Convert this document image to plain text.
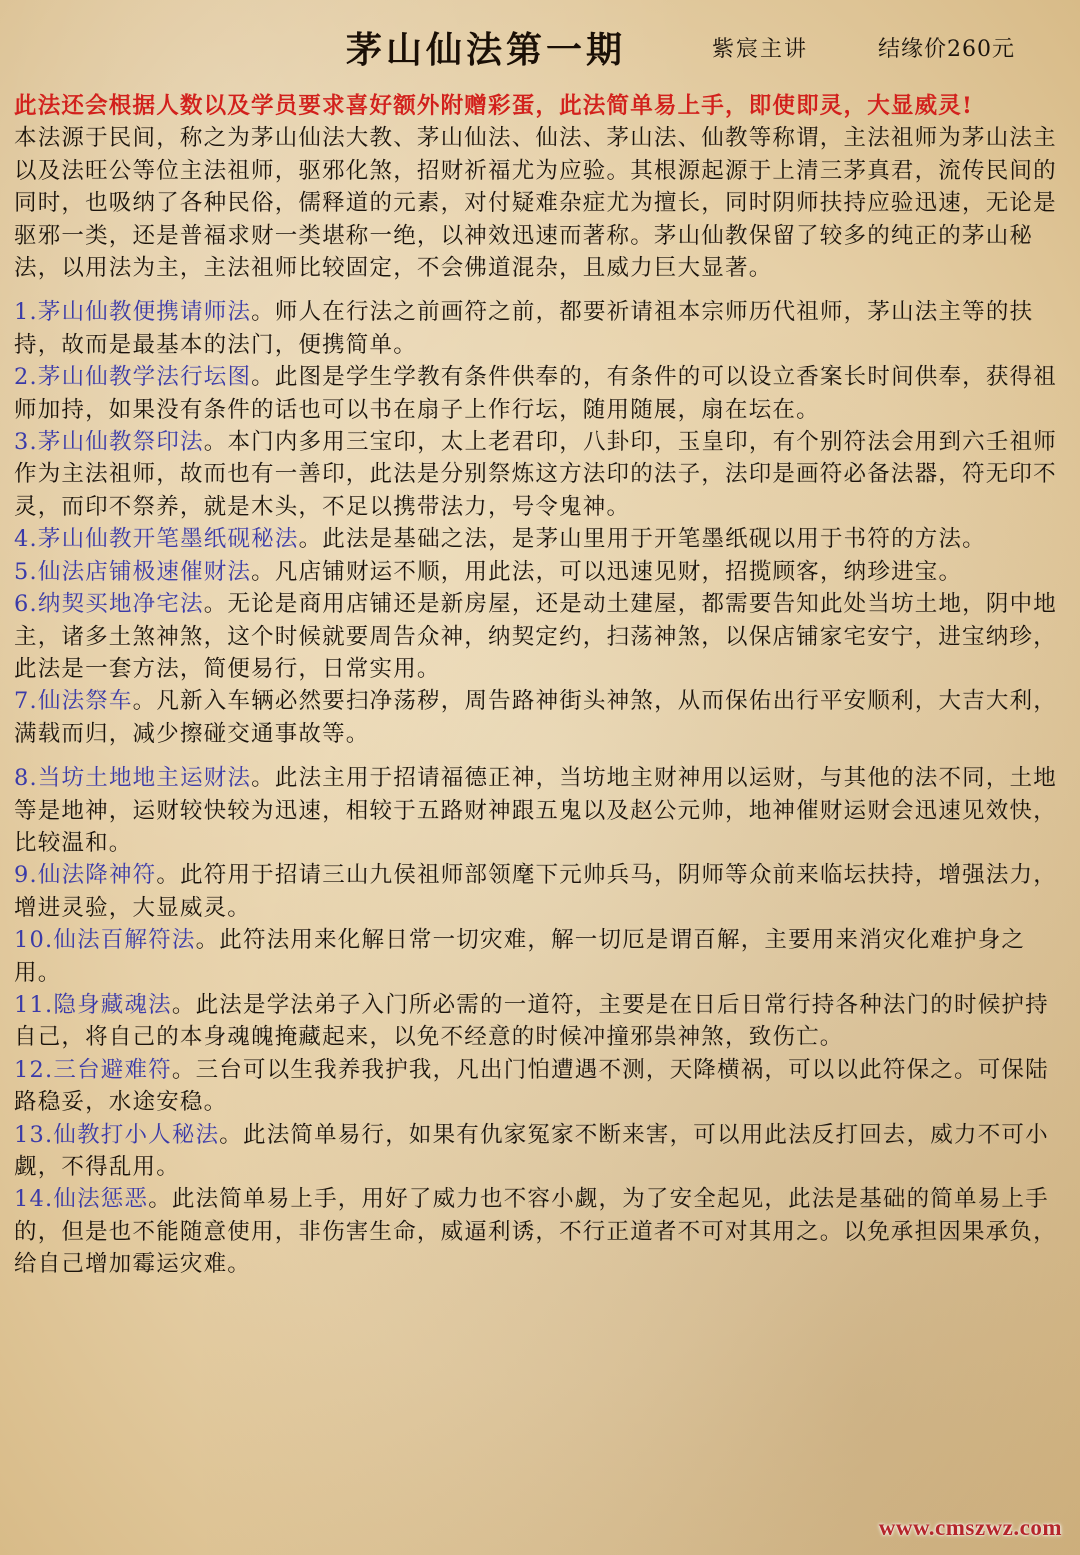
茅山仙法第一期	紫宸主讲	结缘价260元
此法还会根据人数以及学员要求喜好额外附赠彩蛋，此法简单易上手，即使即灵，大显威灵!
本法源于民间，称之为茅山仙法大教、茅山仙法、仙法、茅山法、仙教等称谓，主法祖师为茅山法主以及法旺公等位主法祖师，驱邪化煞，招财祈福尤为应验。其根源起源于上清三茅真君，流传民间的同时，也吸纳了各种民俗，儒释道的元素，对付疑难杂症尤为擅长，同时阴师扶持应验迅速，无论是驱邪一类，还是普福求财一类堪称一绝，以神效迅速而著称。茅山仙教保留了较多的纯正的茅山秘法，以用法为主，主法祖师比较固定，不会佛道混杂，且威力巨大显著。

1.茅山仙教便携请师法。师人在行法之前画符之前，都要祈请祖本宗师历代祖师，茅山法主等的扶持，故而是最基本的法门，便携简单。

2.茅山仙教学法行坛图。此图是学生学教有条件供奉的，有条件的可以设立香案长时间供奉，获得祖师加持，如果没有条件的话也可以书在扇子上作行坛，随用随展，扇在坛在。

3.茅山仙教祭印法。本门内多用三宝印，太上老君印，八卦印，玉皇印，有个别符法会用到六壬祖师作为主法祖师，故而也有一善印，此法是分别祭炼这方法印的法子，法印是画符必备法器，符无印不灵，而印不祭养，就是木头，不足以携带法力，号令鬼神。

4.茅山仙教开笔墨纸砚秘法。此法是基础之法，是茅山里用于开笔墨纸砚以用于书符的方法。

5.仙法店铺极速催财法。凡店铺财运不顺，用此法，可以迅速见财，招揽顾客，纳珍进宝。

6.纳契买地净宅法。无论是商用店铺还是新房屋，还是动土建屋，都需要告知此处当坊土地，阴中地主，诸多土煞神煞，这个时候就要周告众神，纳契定约，扫荡神煞，以保店铺家宅安宁，进宝纳珍，此法是一套方法，简便易行，日常实用。

7.仙法祭车。凡新入车辆必然要扫净荡秽，周告路神街头神煞，从而保佑出行平安顺利，大吉大利，满载而归，减少擦碰交通事故等。

8.当坊土地地主运财法。此法主用于招请福德正神，当坊地主财神用以运财，与其他的法不同，土地等是地神，运财较快较为迅速，相较于五路财神跟五鬼以及赵公元帅，地神催财运财会迅速见效快，比较温和。

9.仙法降神符。此符用于招请三山九侯祖师部领麾下元帅兵马，阴师等众前来临坛扶持，增强法力，增进灵验，大显威灵。

10.仙法百解符法。此符法用来化解日常一切灾难，解一切厄是谓百解，主要用来消灾化难护身之用。

11.隐身藏魂法。此法是学法弟子入门所必需的一道符，主要是在日后日常行持各种法门的时候护持自己，将自己的本身魂魄掩藏起来，以免不经意的时候冲撞邪祟神煞，致伤亡。

12.三台避难符。三台可以生我养我护我，凡出门怕遭遇不测，天降横祸，可以以此符保之。可保陆路稳妥，水途安稳。

13.仙教打小人秘法。此法简单易行，如果有仇家冤家不断来害，可以用此法反打回去，威力不可小觑，不得乱用。

14.仙法惩恶。此法简单易上手，用好了威力也不容小觑，为了安全起见，此法是基础的简单易上手的，但是也不能随意使用，非伤害生命，威逼利诱，不行正道者不可对其用之。以免承担因果承负，给自己增加霉运灾难。

www.cmszwz.com
